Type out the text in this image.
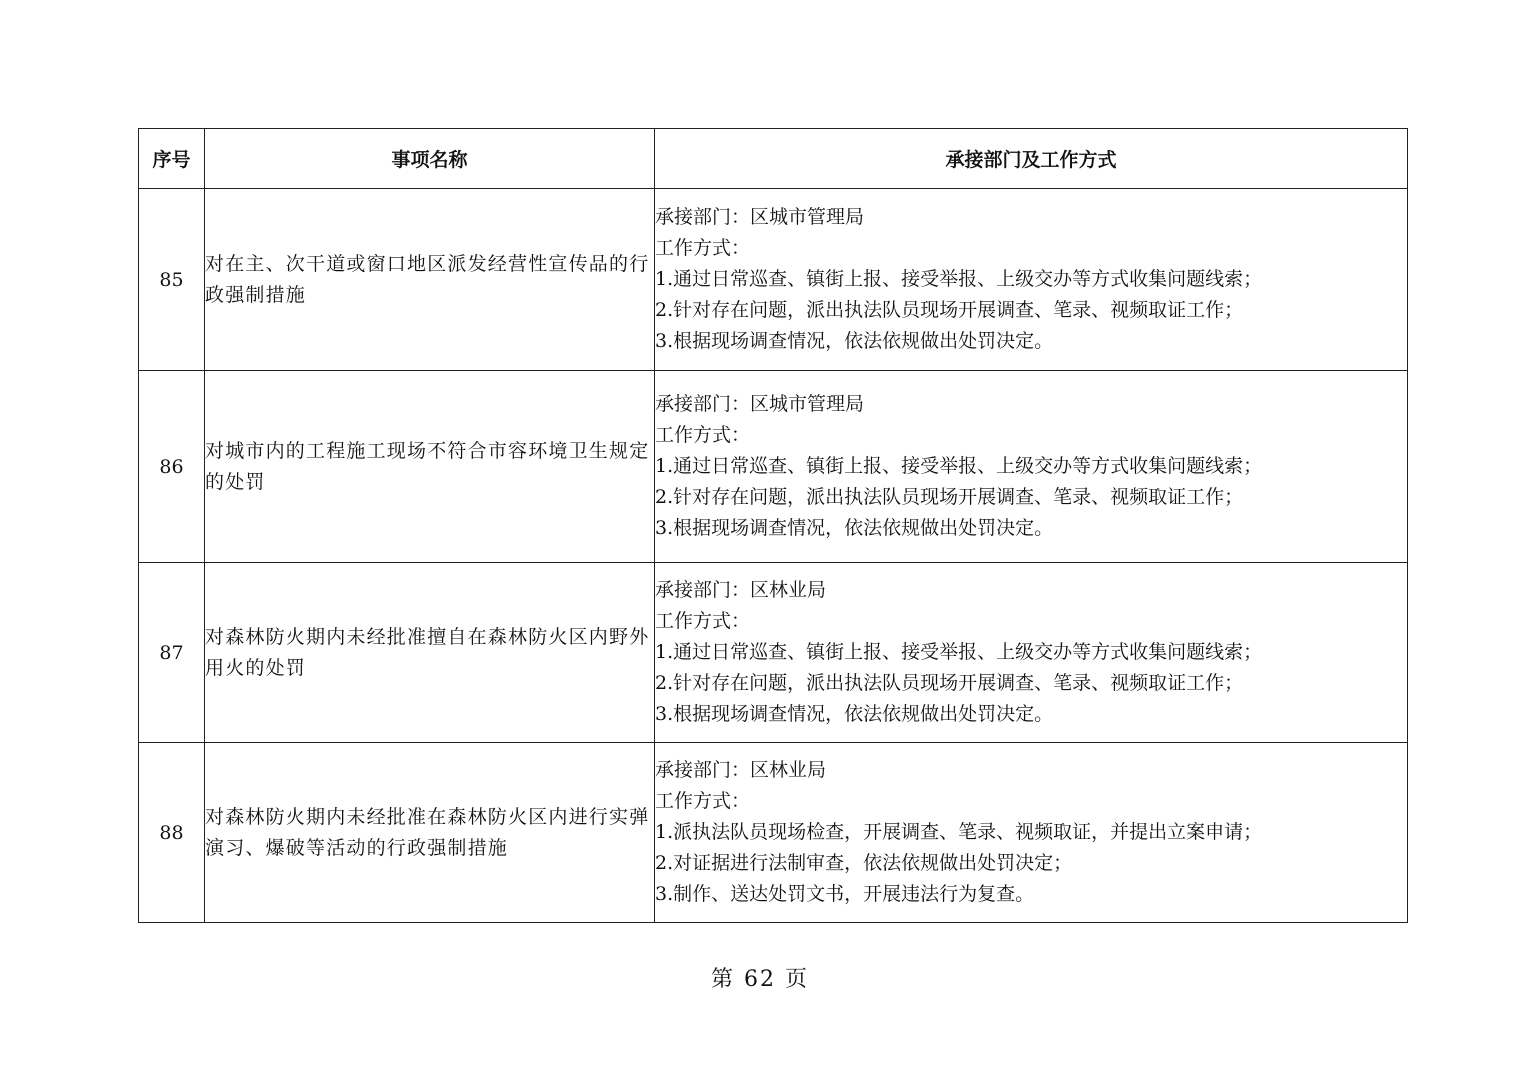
序号	事项名称	承接部门及工作方式
85	对在主、次干道或窗口地区派发经营性宣传品的行政强制措施	承接部门：区城市管理局
工作方式：
1.通过日常巡查、镇街上报、接受举报、上级交办等方式收集问题线索；
2.针对存在问题，派出执法队员现场开展调查、笔录、视频取证工作；
3.根据现场调查情况，依法依规做出处罚决定。

86	对城市内的工程施工现场不符合市容环境卫生规定的处罚	承接部门：区城市管理局
工作方式：
1.通过日常巡查、镇街上报、接受举报、上级交办等方式收集问题线索；
2.针对存在问题，派出执法队员现场开展调查、笔录、视频取证工作；
3.根据现场调查情况，依法依规做出处罚决定。

87	对森林防火期内未经批准擅自在森林防火区内野外用火的处罚	承接部门：区林业局
工作方式：
1.通过日常巡查、镇街上报、接受举报、上级交办等方式收集问题线索；
2.针对存在问题，派出执法队员现场开展调查、笔录、视频取证工作；
3.根据现场调查情况，依法依规做出处罚决定。

88	对森林防火期内未经批准在森林防火区内进行实弹演习、爆破等活动的行政强制措施	承接部门：区林业局
工作方式：
1.派执法队员现场检查，开展调查、笔录、视频取证，并提出立案申请；
2.对证据进行法制审查，依法依规做出处罚决定；
3.制作、送达处罚文书，开展违法行为复查。
第 62 页
